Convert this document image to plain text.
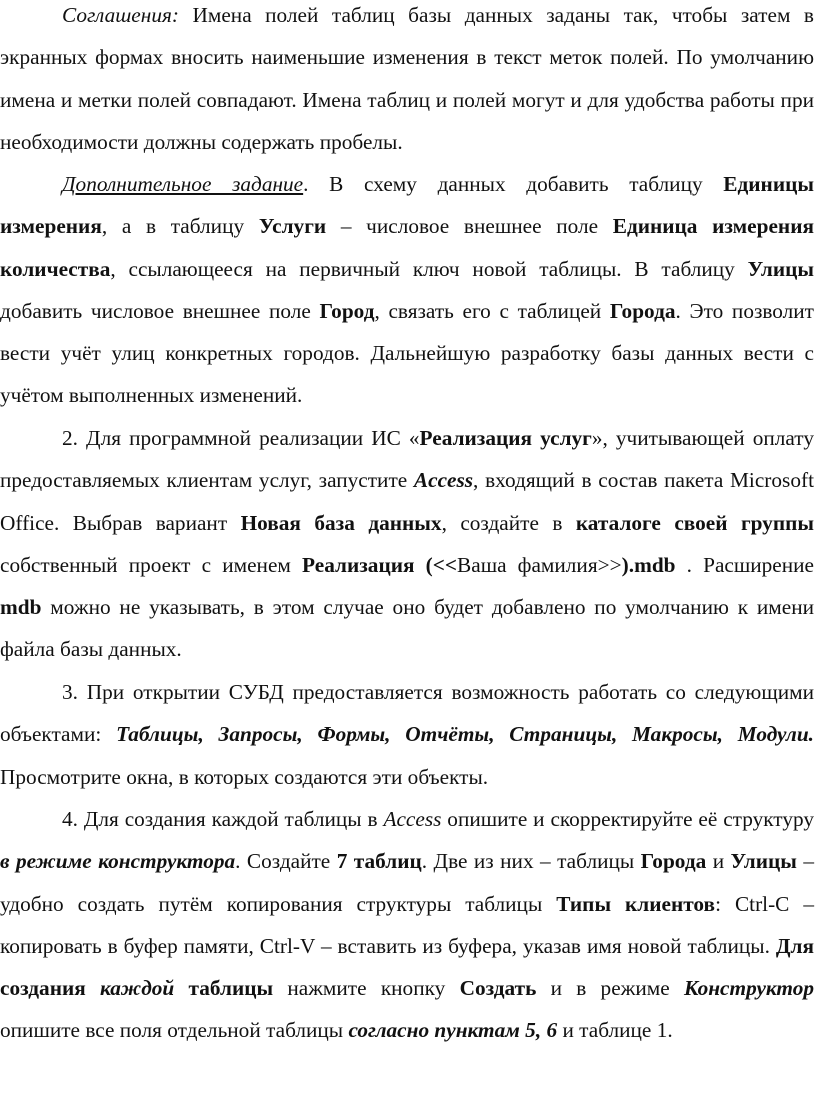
Соглашения: Имена полей таблиц базы данных заданы так, чтобы затем в экранных формах вносить наименьшие изменения в текст меток полей. По умолчанию имена и метки полей совпадают. Имена таблиц и полей могут и для удобства работы при необходимости должны содержать пробелы.

Дополнительное задание. В схему данных добавить таблицу Единицы измерения, а в таблицу Услуги – числовое внешнее поле Единица измерения количества, ссылающееся на первичный ключ новой таблицы. В таблицу Улицы добавить числовое внешнее поле Город, связать его с таблицей Города. Это позволит вести учёт улиц конкретных городов. Дальнейшую разработку базы данных вести с учётом выполненных изменений.

2. Для программной реализации ИС «Реализация услуг», учитывающей оплату предоставляемых клиентам услуг, запустите Access, входящий в состав пакета Microsoft Office. Выбрав вариант Новая база данных, создайте в каталоге своей группы собственный проект с именем Реализация (<<Ваша фамилия>>).mdb . Расширение mdb можно не указывать, в этом случае оно будет добавлено по умолчанию к имени файла базы данных.

3. При открытии СУБД предоставляется возможность работать со следующими объектами: Таблицы, Запросы, Формы, Отчёты, Страницы, Макросы, Модули. Просмотрите окна, в которых создаются эти объекты.

4. Для создания каждой таблицы в Access опишите и скорректируйте её структуру в режиме конструктора. Создайте 7 таблиц. Две из них – таблицы Города и Улицы – удобно создать путём копирования структуры таблицы Типы клиентов: Ctrl-C – копировать в буфер памяти, Ctrl-V – вставить из буфера, указав имя новой таблицы. Для создания каждой таблицы нажмите кнопку Создать и в режиме Конструктор опишите все поля отдельной таблицы согласно пунктам 5, 6 и таблице 1.
